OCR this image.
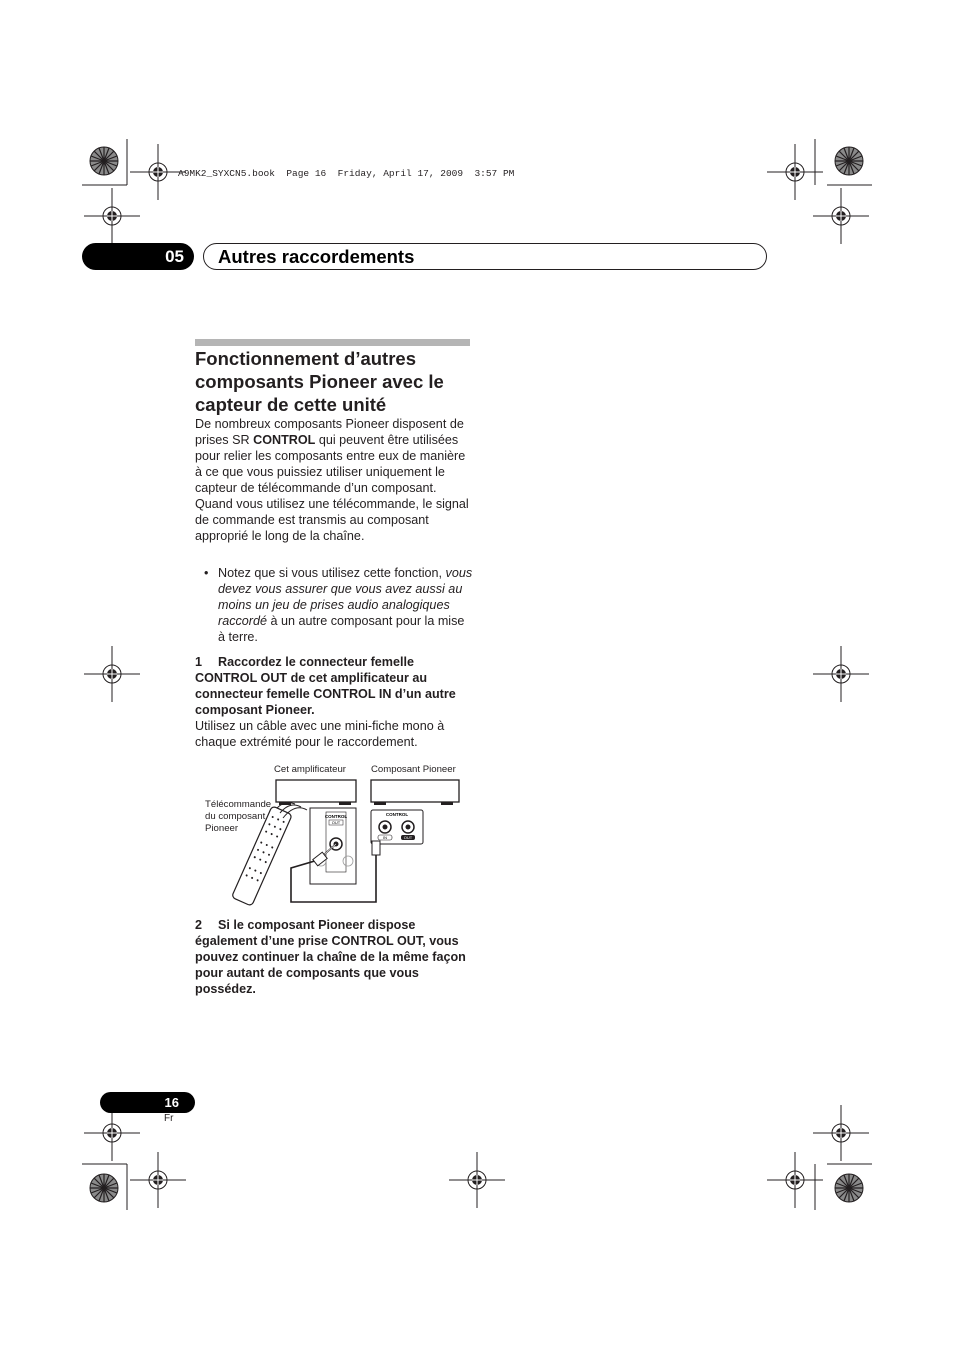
A9MK2_SYXCN5.book  Page 16  Friday, April 17, 2009  3:57 PM
05	Autres raccordements
Fonctionnement d’autres composants Pioneer avec le capteur de cette unité
De nombreux composants Pioneer disposent de prises SR CONTROL qui peuvent être utilisées pour relier les composants entre eux de manière à ce que vous puissiez utiliser uniquement le capteur de télécommande d’un composant. Quand vous utilisez une télécommande, le signal de commande est transmis au composant approprié le long de la chaîne.
• Notez que si vous utilisez cette fonction, vous devez vous assurer que vous avez aussi au moins un jeu de prises audio analogiques raccordé à un autre composant pour la mise à terre.
1 Raccordez le connecteur femelle CONTROL OUT de cet amplificateur au connecteur femelle CONTROL IN d’un autre composant Pioneer.
Utilisez un câble avec une mini-fiche mono à chaque extrémité pour le raccordement.
Cet amplificateur	Composant Pioneer
Télécommande
du composant
Pioneer
CONTROL
OUT
CONTROL
IN	OUT
2 Si le composant Pioneer dispose également d’une prise CONTROL OUT, vous pouvez continuer la chaîne de la même façon pour autant de composants que vous possédez.
16
Fr
